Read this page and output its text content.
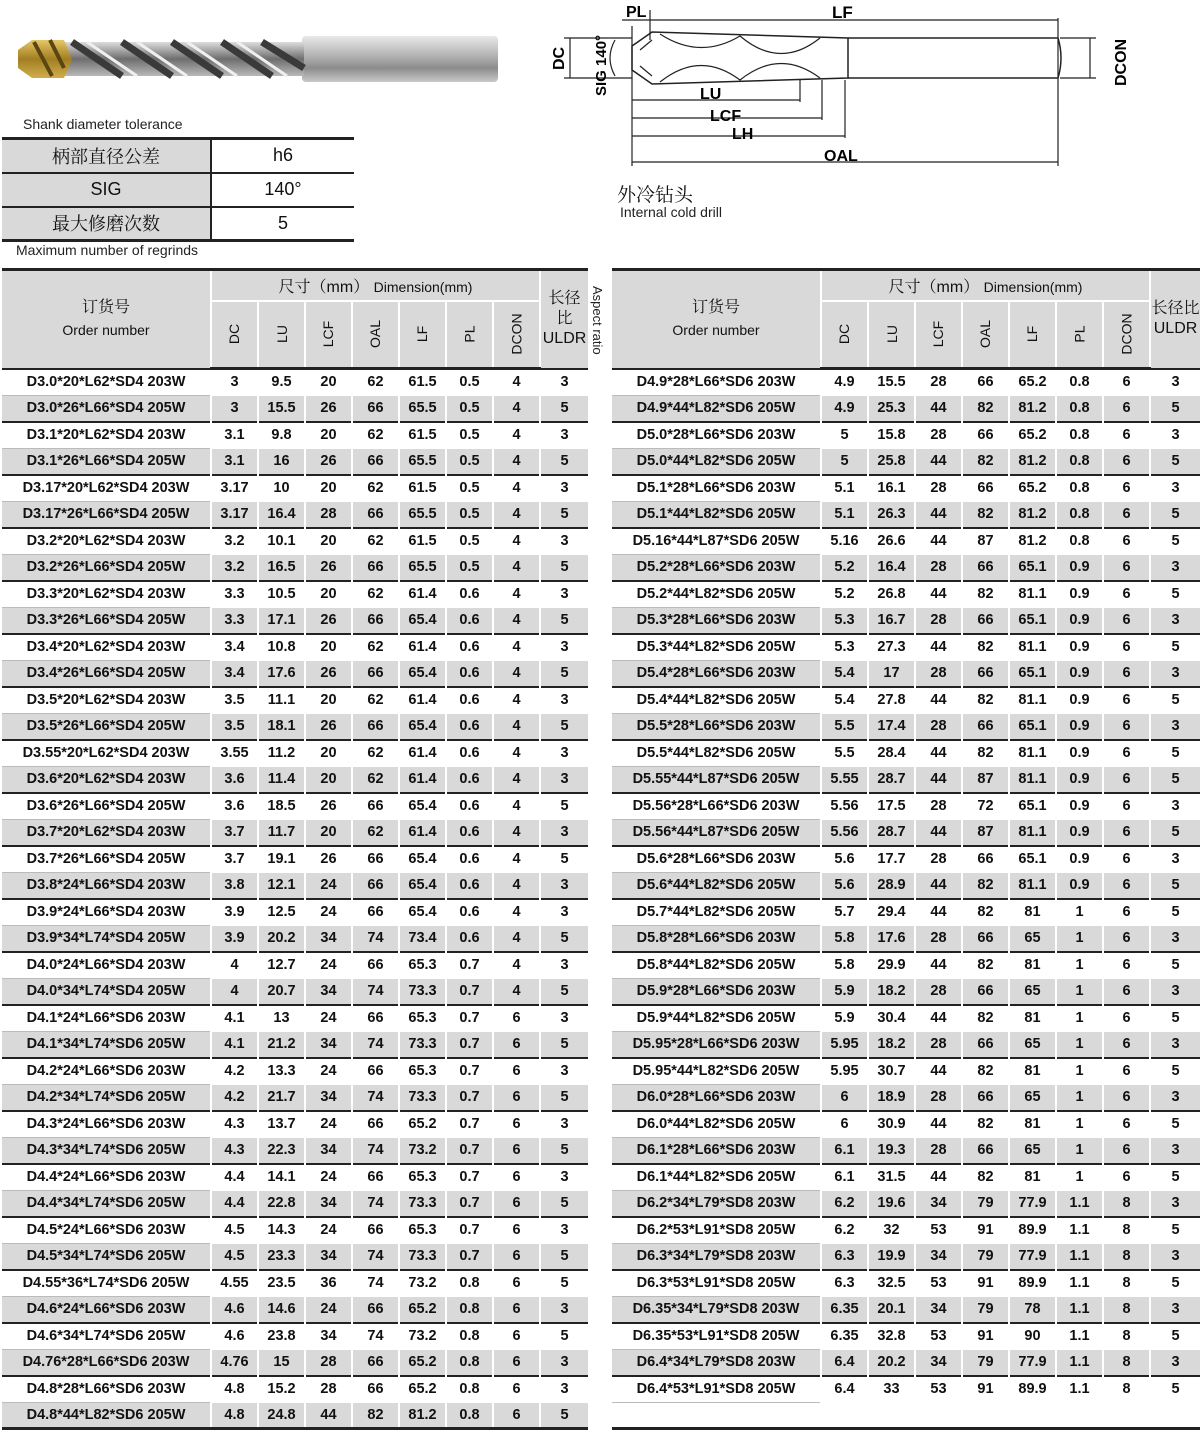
Shank diameter tolerance
柄部直径公差	h6
SIG	140°
最大修磨次数	5
Maximum number of regrinds
PL	LF
LU
LCF
LH
OAL
DC SIG 140°	DCON
外冷钻头
Internal cold drill
Aspect ratio
订货号
Order number	尺寸（mm） Dimension(mm)							长径比
ULDR
	DC	LU	LCF	OAL	LF	PL	DCON	
D3.0*20*L62*SD4 203W	3	9.5	20	62	61.5	0.5	4	3
D3.0*26*L66*SD4 205W	3	15.5	26	66	65.5	0.5	4	5
D3.1*20*L62*SD4 203W	3.1	9.8	20	62	61.5	0.5	4	3
D3.1*26*L66*SD4 205W	3.1	16	26	66	65.5	0.5	4	5
D3.17*20*L62*SD4 203W	3.17	10	20	62	61.5	0.5	4	3
D3.17*26*L66*SD4 205W	3.17	16.4	28	66	65.5	0.5	4	5
D3.2*20*L62*SD4 203W	3.2	10.1	20	62	61.5	0.5	4	3
D3.2*26*L66*SD4 205W	3.2	16.5	26	66	65.5	0.5	4	5
D3.3*20*L62*SD4 203W	3.3	10.5	20	62	61.4	0.6	4	3
D3.3*26*L66*SD4 205W	3.3	17.1	26	66	65.4	0.6	4	5
D3.4*20*L62*SD4 203W	3.4	10.8	20	62	61.4	0.6	4	3
D3.4*26*L66*SD4 205W	3.4	17.6	26	66	65.4	0.6	4	5
D3.5*20*L62*SD4 203W	3.5	11.1	20	62	61.4	0.6	4	3
D3.5*26*L66*SD4 205W	3.5	18.1	26	66	65.4	0.6	4	5
D3.55*20*L62*SD4 203W	3.55	11.2	20	62	61.4	0.6	4	3
D3.6*20*L62*SD4 203W	3.6	11.4	20	62	61.4	0.6	4	3
D3.6*26*L66*SD4 205W	3.6	18.5	26	66	65.4	0.6	4	5
D3.7*20*L62*SD4 203W	3.7	11.7	20	62	61.4	0.6	4	3
D3.7*26*L66*SD4 205W	3.7	19.1	26	66	65.4	0.6	4	5
D3.8*24*L66*SD4 203W	3.8	12.1	24	66	65.4	0.6	4	3
D3.9*24*L66*SD4 203W	3.9	12.5	24	66	65.4	0.6	4	3
D3.9*34*L74*SD4 205W	3.9	20.2	34	74	73.4	0.6	4	5
D4.0*24*L66*SD4 203W	4	12.7	24	66	65.3	0.7	4	3
D4.0*34*L74*SD4 205W	4	20.7	34	74	73.3	0.7	4	5
D4.1*24*L66*SD6 203W	4.1	13	24	66	65.3	0.7	6	3
D4.1*34*L74*SD6 205W	4.1	21.2	34	74	73.3	0.7	6	5
D4.2*24*L66*SD6 203W	4.2	13.3	24	66	65.3	0.7	6	3
D4.2*34*L74*SD6 205W	4.2	21.7	34	74	73.3	0.7	6	5
D4.3*24*L66*SD6 203W	4.3	13.7	24	66	65.2	0.7	6	3
D4.3*34*L74*SD6 205W	4.3	22.3	34	74	73.2	0.7	6	5
D4.4*24*L66*SD6 203W	4.4	14.1	24	66	65.3	0.7	6	3
D4.4*34*L74*SD6 205W	4.4	22.8	34	74	73.3	0.7	6	5
D4.5*24*L66*SD6 203W	4.5	14.3	24	66	65.3	0.7	6	3
D4.5*34*L74*SD6 205W	4.5	23.3	34	74	73.3	0.7	6	5
D4.55*36*L74*SD6 205W	4.55	23.5	36	74	73.2	0.8	6	5
D4.6*24*L66*SD6 203W	4.6	14.6	24	66	65.2	0.8	6	3
D4.6*34*L74*SD6 205W	4.6	23.8	34	74	73.2	0.8	6	5
D4.76*28*L66*SD6 203W	4.76	15	28	66	65.2	0.8	6	3
D4.8*28*L66*SD6 203W	4.8	15.2	28	66	65.2	0.8	6	3
D4.8*44*L82*SD6 205W	4.8	24.8	44	82	81.2	0.8	6	5
订货号
Order number	尺寸（mm） Dimension(mm)							长径比
ULDR
	DC	LU	LCF	OAL	LF	PL	DCON	
D4.9*28*L66*SD6 203W	4.9	15.5	28	66	65.2	0.8	6	3
D4.9*44*L82*SD6 205W	4.9	25.3	44	82	81.2	0.8	6	5
D5.0*28*L66*SD6 203W	5	15.8	28	66	65.2	0.8	6	3
D5.0*44*L82*SD6 205W	5	25.8	44	82	81.2	0.8	6	5
D5.1*28*L66*SD6 203W	5.1	16.1	28	66	65.2	0.8	6	3
D5.1*44*L82*SD6 205W	5.1	26.3	44	82	81.2	0.8	6	5
D5.16*44*L87*SD6 205W	5.16	26.6	44	87	81.2	0.8	6	5
D5.2*28*L66*SD6 203W	5.2	16.4	28	66	65.1	0.9	6	3
D5.2*44*L82*SD6 205W	5.2	26.8	44	82	81.1	0.9	6	5
D5.3*28*L66*SD6 203W	5.3	16.7	28	66	65.1	0.9	6	3
D5.3*44*L82*SD6 205W	5.3	27.3	44	82	81.1	0.9	6	5
D5.4*28*L66*SD6 203W	5.4	17	28	66	65.1	0.9	6	3
D5.4*44*L82*SD6 205W	5.4	27.8	44	82	81.1	0.9	6	5
D5.5*28*L66*SD6 203W	5.5	17.4	28	66	65.1	0.9	6	3
D5.5*44*L82*SD6 205W	5.5	28.4	44	82	81.1	0.9	6	5
D5.55*44*L87*SD6 205W	5.55	28.7	44	87	81.1	0.9	6	5
D5.56*28*L66*SD6 203W	5.56	17.5	28	72	65.1	0.9	6	3
D5.56*44*L87*SD6 205W	5.56	28.7	44	87	81.1	0.9	6	5
D5.6*28*L66*SD6 203W	5.6	17.7	28	66	65.1	0.9	6	3
D5.6*44*L82*SD6 205W	5.6	28.9	44	82	81.1	0.9	6	5
D5.7*44*L82*SD6 205W	5.7	29.4	44	82	81	1	6	5
D5.8*28*L66*SD6 203W	5.8	17.6	28	66	65	1	6	3
D5.8*44*L82*SD6 205W	5.8	29.9	44	82	81	1	6	5
D5.9*28*L66*SD6 203W	5.9	18.2	28	66	65	1	6	3
D5.9*44*L82*SD6 205W	5.9	30.4	44	82	81	1	6	5
D5.95*28*L66*SD6 203W	5.95	18.2	28	66	65	1	6	3
D5.95*44*L82*SD6 205W	5.95	30.7	44	82	81	1	6	5
D6.0*28*L66*SD6 203W	6	18.9	28	66	65	1	6	3
D6.0*44*L82*SD6 205W	6	30.9	44	82	81	1	6	5
D6.1*28*L66*SD6 203W	6.1	19.3	28	66	65	1	6	3
D6.1*44*L82*SD6 205W	6.1	31.5	44	82	81	1	6	5
D6.2*34*L79*SD8 203W	6.2	19.6	34	79	77.9	1.1	8	3
D6.2*53*L91*SD8 205W	6.2	32	53	91	89.9	1.1	8	5
D6.3*34*L79*SD8 203W	6.3	19.9	34	79	77.9	1.1	8	3
D6.3*53*L91*SD8 205W	6.3	32.5	53	91	89.9	1.1	8	5
D6.35*34*L79*SD8 203W	6.35	20.1	34	79	78	1.1	8	3
D6.35*53*L91*SD8 205W	6.35	32.8	53	91	90	1.1	8	5
D6.4*34*L79*SD8 203W	6.4	20.2	34	79	77.9	1.1	8	3
D6.4*53*L91*SD8 205W	6.4	33	53	91	89.9	1.1	8	5
